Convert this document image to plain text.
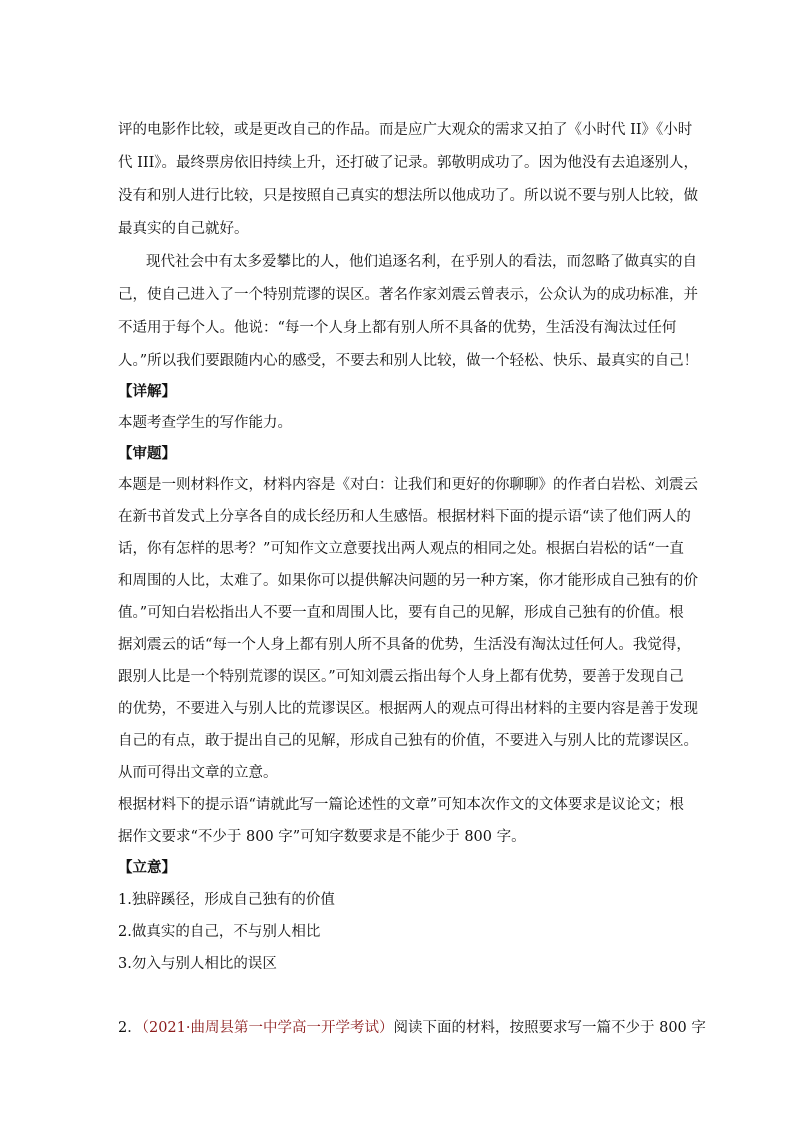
评的电影作比较，或是更改自己的作品。而是应广大观众的需求又拍了《小时代 II》《小时
代 III》。最终票房依旧持续上升，还打破了记录。郭敬明成功了。因为他没有去追逐别人，
没有和别人进行比较，只是按照自己真实的想法所以他成功了。所以说不要与别人比较，做
最真实的自己就好。
现代社会中有太多爱攀比的人，他们追逐名利，在乎别人的看法，而忽略了做真实的自
己，使自己进入了一个特别荒谬的误区。著名作家刘震云曾表示，公众认为的成功标准，并
不适用于每个人。他说：“每一个人身上都有别人所不具备的优势，生活没有淘汰过任何
人。”所以我们要跟随内心的感受，不要去和别人比较，做一个轻松、快乐、最真实的自己！
【详解】
本题考查学生的写作能力。
【审题】
本题是一则材料作文，材料内容是《对白：让我们和更好的你聊聊》的作者白岩松、刘震云
在新书首发式上分享各自的成长经历和人生感悟。根据材料下面的提示语“读了他们两人的
话，你有怎样的思考？”可知作文立意要找出两人观点的相同之处。根据白岩松的话“一直
和周围的人比，太难了。如果你可以提供解决问题的另一种方案，你才能形成自己独有的价
值。”可知白岩松指出人不要一直和周围人比，要有自己的见解，形成自己独有的价值。根
据刘震云的话“每一个人身上都有别人所不具备的优势，生活没有淘汰过任何人。我觉得，
跟别人比是一个特别荒谬的误区。”可知刘震云指出每个人身上都有优势，要善于发现自己
的优势，不要进入与别人比的荒谬误区。根据两人的观点可得出材料的主要内容是善于发现
自己的有点，敢于提出自己的见解，形成自己独有的价值，不要进入与别人比的荒谬误区。
从而可得出文章的立意。
根据材料下的提示语“请就此写一篇论述性的文章”可知本次作文的文体要求是议论文；根
据作文要求“不少于 800 字”可知字数要求是不能少于 800 字。
【立意】
1.独辟蹊径，形成自己独有的价值
2.做真实的自己，不与别人相比
3.勿入与别人相比的误区
2．（2021·曲周县第一中学高一开学考试）阅读下面的材料，按照要求写一篇不少于 800 字
